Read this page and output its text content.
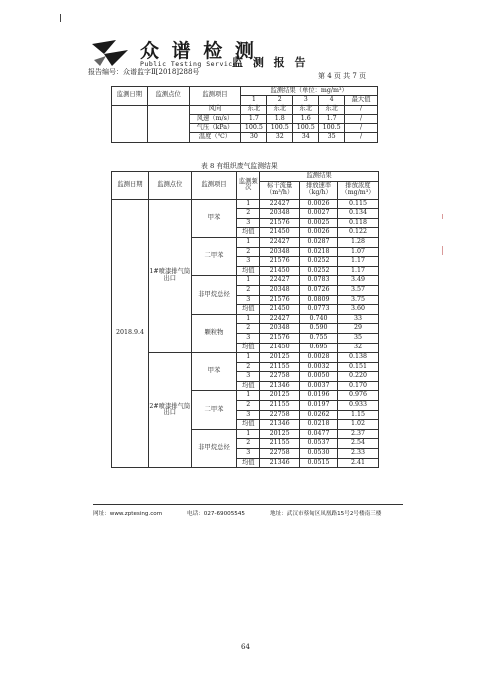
众 谱 检 测
Public Testing Service
报告编号：众谱监字Ⅱ[2018]288号
监 测 报 告
第 4 页 共 7 页
监测日期	监测点位	监测项目	监测结果（单位：mg/m³）				
			1	2	3	4	最大值
		风向	东北	东北	东北	东北	/
		风速（m/s）	1.7	1.8	1.6	1.7	/
		气压（kPa）	100.5	100.5	100.5	100.5	/
		温度（℃）	30	32	34	35	/
表 8 有组织废气监测结果
监测日期	监测点位	监测项目	监测频次	监测结果		
				标干流量（m³/h）	排放速率（kg/h）	排放浓度（mg/m³）
2018.9.4	1#喷漆排气筒出口	甲苯	1	22427	0.0026	0.115
			2	20348	0.0027	0.134
			3	21576	0.0025	0.118
			均值	21450	0.0026	0.122
		二甲苯	1	22427	0.0287	1.28
			2	20348	0.0218	1.07
			3	21576	0.0252	1.17
			均值	21450	0.0252	1.17
		非甲烷总烃	1	22427	0.0783	3.49
			2	20348	0.0726	3.57
			3	21576	0.0809	3.75
			均值	21450	0.0773	3.60
		颗粒物	1	22427	0.740	33
			2	20348	0.590	29
			3	21576	0.755	35
			均值	21450	0.695	32
	2#喷漆排气筒出口	甲苯	1	20125	0.0028	0.138
			2	21155	0.0032	0.151
			3	22758	0.0050	0.220
			均值	21346	0.0037	0.170
		二甲苯	1	20125	0.0196	0.976
			2	21155	0.0197	0.933
			3	22758	0.0262	1.15
			均值	21346	0.0218	1.02
		非甲烷总烃	1	20125	0.0477	2.37
			2	21155	0.0537	2.54
			3	22758	0.0530	2.33
			均值	21346	0.0515	2.41
网址：www.zptesing.com	电话：027-69005545	地址：武汉市蔡甸区凤凰路15号2号楼南三楼
64
